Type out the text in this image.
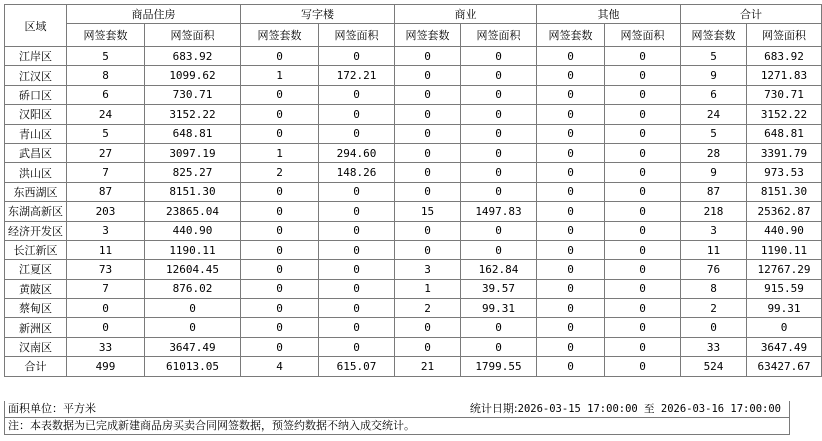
区域	商品住房		写字楼		商业		其他		合计	
	网签套数	网签面积	网签套数	网签面积	网签套数	网签面积	网签套数	网签面积	网签套数	网签面积
江岸区	5	683.92	0	0	0	0	0	0	5	683.92
江汉区	8	1099.62	1	172.21	0	0	0	0	9	1271.83
硚口区	6	730.71	0	0	0	0	0	0	6	730.71
汉阳区	24	3152.22	0	0	0	0	0	0	24	3152.22
青山区	5	648.81	0	0	0	0	0	0	5	648.81
武昌区	27	3097.19	1	294.60	0	0	0	0	28	3391.79
洪山区	7	825.27	2	148.26	0	0	0	0	9	973.53
东西湖区	87	8151.30	0	0	0	0	0	0	87	8151.30
东湖高新区	203	23865.04	0	0	15	1497.83	0	0	218	25362.87
经济开发区	3	440.90	0	0	0	0	0	0	3	440.90
长江新区	11	1190.11	0	0	0	0	0	0	11	1190.11
江夏区	73	12604.45	0	0	3	162.84	0	0	76	12767.29
黄陂区	7	876.02	0	0	1	39.57	0	0	8	915.59
蔡甸区	0	0	0	0	2	99.31	0	0	2	99.31
新洲区	0	0	0	0	0	0	0	0	0	0
汉南区	33	3647.49	0	0	0	0	0	0	33	3647.49
合计	499	61013.05	4	615.07	21	1799.55	0	0	524	63427.67
面积单位：平方米	统计日期:2026-03-15 17:00:00 至 2026-03-16 17:00:00
注：本表数据为已完成新建商品房买卖合同网签数据，预签约数据不纳入成交统计。
